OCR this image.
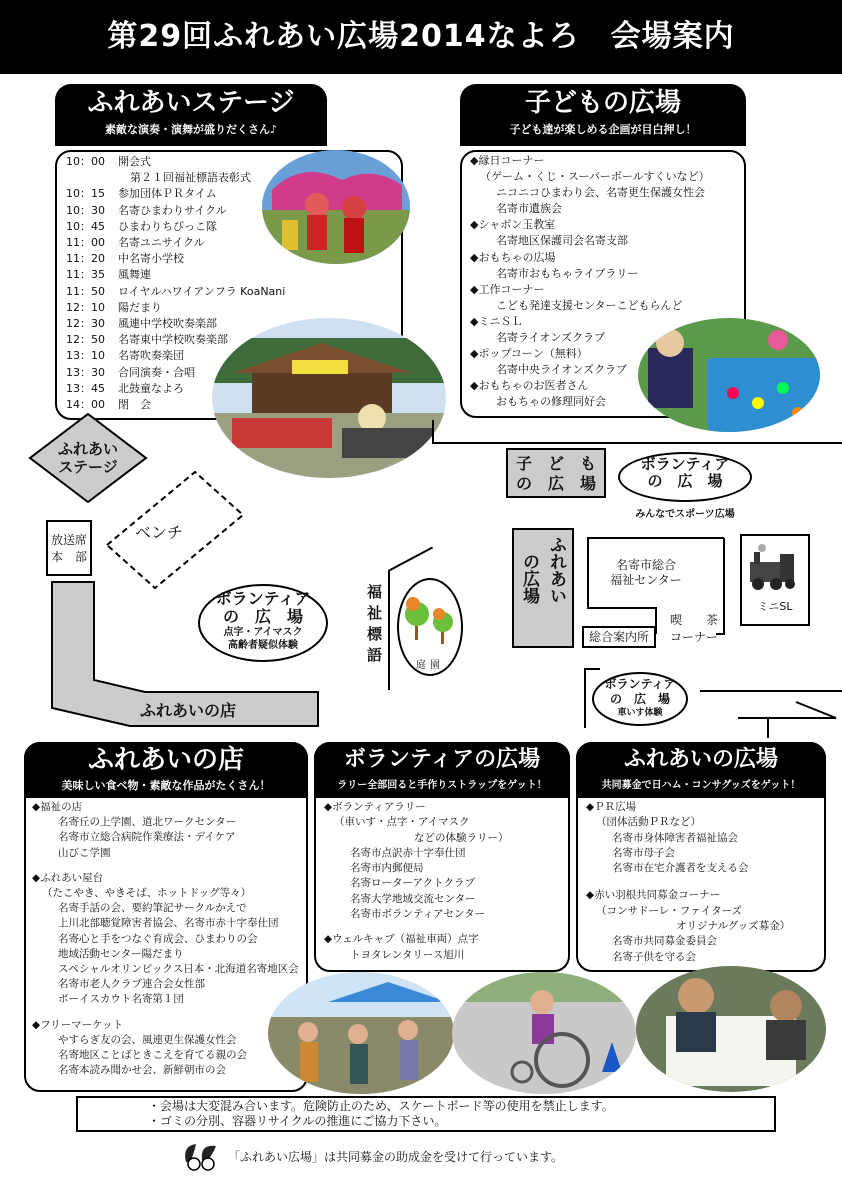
第29回ふれあい広場2014なよろ　会場案内
ふれあいステージ
素敵な演奏・演舞が盛りだくさん♪
10：00	開会式
第２１回福祉標語表彰式
10：15	参加団体ＰＲタイム
10：30	名寄ひまわりサイクル
10：45	ひまわりちびっこ隊
11：00	名寄ユニサイクル
11：20	中名寄小学校
11：35	風舞連
11：50	ロイヤルハワイアンフラ KoaNani
12：10	陽だまり
12：30	風連中学校吹奏楽部
12：50	名寄東中学校吹奏楽部
13：10	名寄吹奏楽団
13：30	合同演奏・合唱
13：45	北鼓童なよろ
14：00	閉　会
子どもの広場
子ども達が楽しめる企画が目白押し！
◆縁日コーナー
（ゲーム・くじ・スーパーボールすくいなど）
ニコニコひまわり会、名寄更生保護女性会
名寄市遺族会
◆シャボン玉教室
名寄地区保護司会名寄支部
◆おもちゃの広場
名寄市おもちゃライブラリー
◆工作コーナー
こども発達支援センターこどもらんど
◆ミニＳＬ
名寄ライオンズクラブ
◆ポップコーン（無料）
名寄中央ライオンズクラブ
◆おもちゃのお医者さん
おもちゃの修理同好会
ふれあい
ステージ
放送席
本　部
ふれあいの店
ベンチ
ボランティア
の　広　場
点字・アイマスク
高齢者疑似体験	福祉標語	庭園
子　ど　も
の　広　場
ボランティア
の　広　場
みんなでスポーツ広場
ふれあい
の広場	名寄市総合
福祉センター
総合案内所
喫　　茶
コーナー
ミニSL
ボランティア
の　広　場
車いす体験
ふれあいの店
美味しい食べ物・素敵な作品がたくさん！
◆福祉の店
名寄丘の上学園、道北ワークセンター
名寄市立総合病院作業療法・デイケア
山びこ学園
◆ふれあい屋台
（たこやき、やきそば、ホットドッグ等々）
名寄手話の会、要約筆記サークルかえで
上川北部聴覚障害者協会、名寄市赤十字奉仕団
名寄心と手をつなぐ育成会、ひまわりの会
地域活動センター陽だまり
スペシャルオリンピックス日本・北海道名寄地区会
名寄市老人クラブ連合会女性部
ボーイスカウト名寄第１団
◆フリーマーケット
やすらぎ友の会、風連更生保護女性会
名寄地区ことばときこえを育てる親の会
名寄本読み聞かせ会、新鮮朝市の会
ボランティアの広場
ラリー全部回ると手作りストラップをゲット！
◆ボランティアラリー
（車いす・点字・アイマスク
などの体験ラリー）
名寄市点訳赤十字奉仕団
名寄市内郵便局
名寄ローターアクトクラブ
名寄大学地域交流センター
名寄市ボランティアセンター
◆ウェルキャブ（福祉車両）点字
トヨタレンタリース旭川
ふれあいの広場
共同募金で日ハム・コンサグッズをゲット！
◆ＰＲ広場
（団体活動ＰＲなど）
名寄市身体障害者福祉協会
名寄市母子会
名寄市在宅介護者を支える会
◆赤い羽根共同募金コーナー
（コンサドーレ・ファイターズ
オリジナルグッズ募金）
名寄市共同募金委員会
名寄子供を守る会
・会場は大変混み合います。危険防止のため、スケートボード等の使用を禁止します。
・ゴミの分別、容器リサイクルの推進にご協力下さい。
「ふれあい広場」は共同募金の助成金を受けて行っています。
